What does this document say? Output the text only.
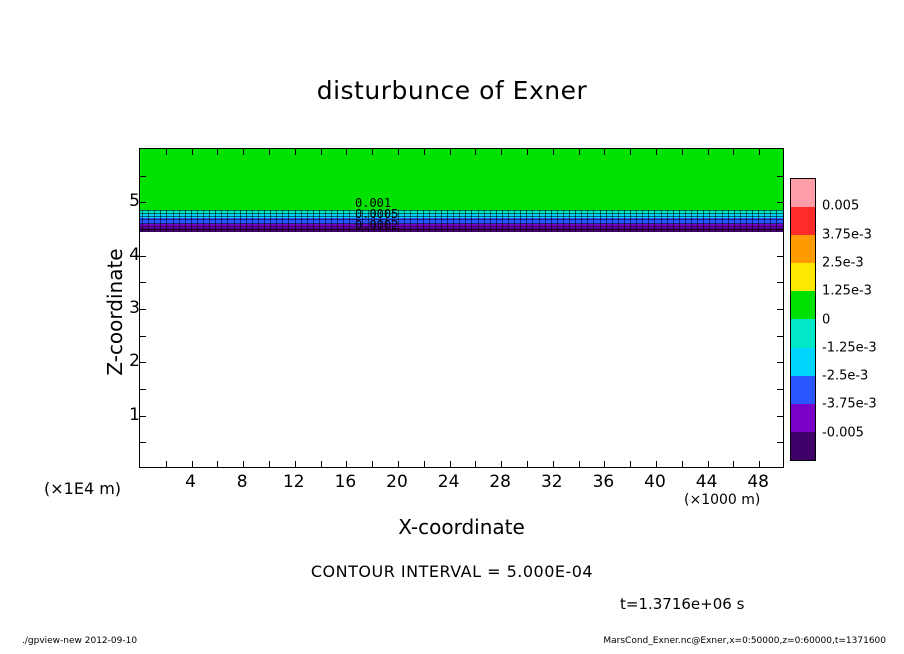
disturbunce of Exner
0.001
0.0005
0.0002
4 8 12 16 20 24 28 32 36 40 44 48
1
2
3
4
5
Z-coordinate
X-coordinate
(×1000 m)
(×1E4 m)
0.005
3.75e-3
2.5e-3
1.25e-3
0
-1.25e-3
-2.5e-3
-3.75e-3
-0.005
CONTOUR INTERVAL = 5.000E-04
t=1.3716e+06 s
./gpview-new 2012-09-10	MarsCond_Exner.nc@Exner,x=0:50000,z=0:60000,t=1371600
